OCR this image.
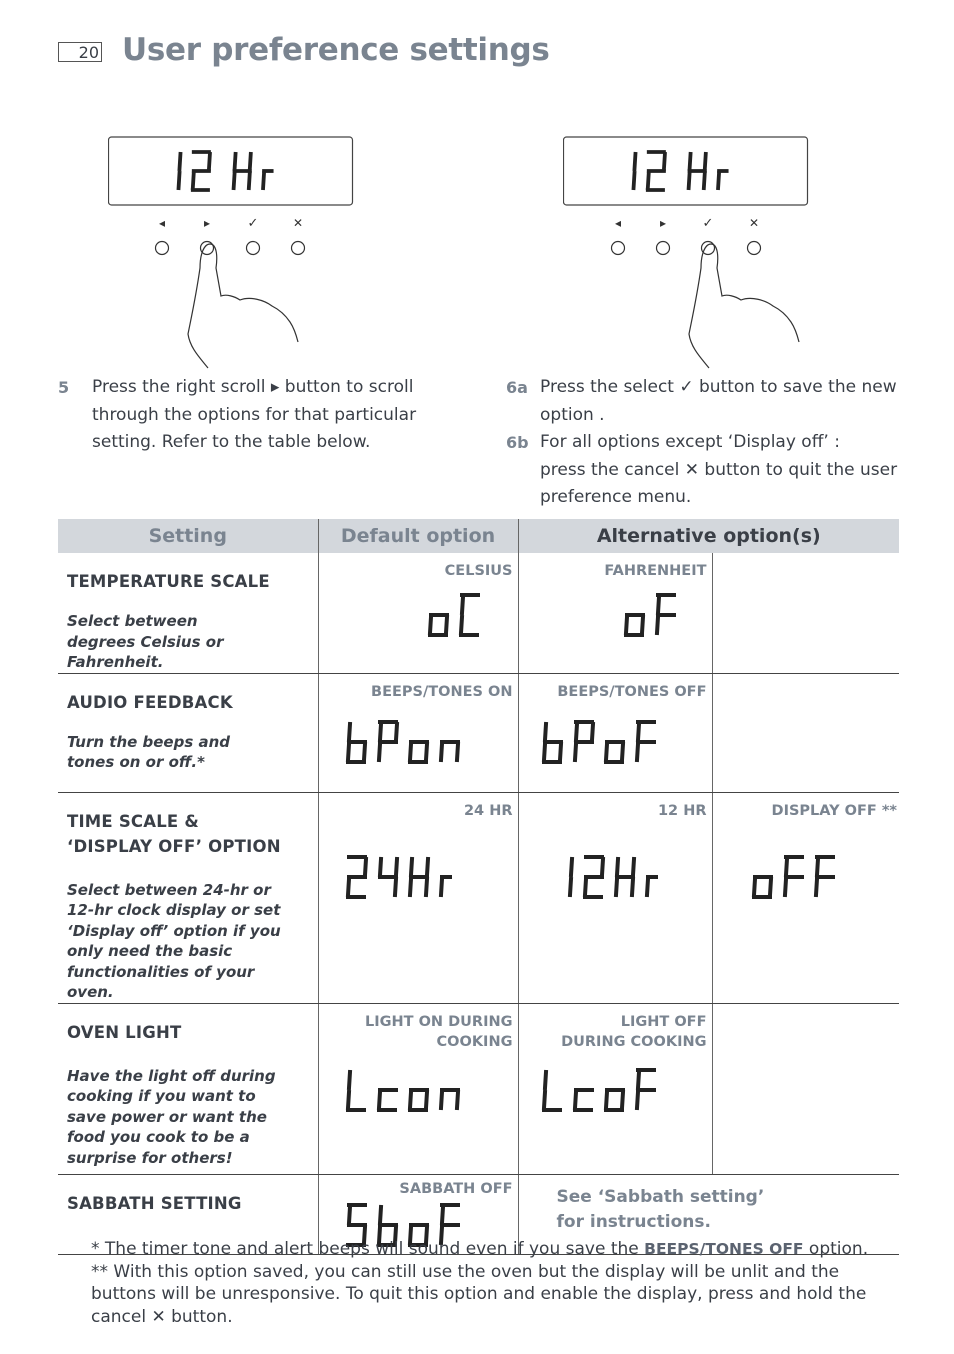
20 User preference settings
◂	▸	✓	✕	◂	▸	✓	✕
5 Press the right scroll ▸ button to scroll
through the options for that particular
setting. Refer to the table below.
6a Press the select ✓ button to save the new
option .
6b For all options except ‘Display off’ :
press the cancel ✕ button to quit the user
preference menu.
Setting	Default option	Alternative option(s)	

TEMPERATURE SCALE
Select between degrees Celsius or Fahrenheit.	CELSIUS	FAHRENHEIT	

AUDIO FEEDBACK
Turn the beeps and tones on or off.*	BEEPS/TONES ON	BEEPS/TONES OFF	

TIME SCALE & ‘DISPLAY OFF’ OPTION
Select between 24-hr or 12-hr clock display or set ‘Display off’ option if you only need the basic functionalities of your oven.	24 HR	12 HR	DISPLAY OFF **

OVEN LIGHT
Have the light off during cooking if you want to save power or want the food you cook to be a surprise for others!	LIGHT ON DURING COOKING	LIGHT OFF DURING COOKING	

SABBATH SETTING	SABBATH OFF	See ‘Sabbath setting’ for instructions.	
* The timer tone and alert beeps will sound even if you save the BEEPS/TONES OFF option.
** With this option saved, you can still use the oven but the display will be unlit and the buttons will be unresponsive. To quit this option and enable the display, press and hold the cancel ✕ button.
